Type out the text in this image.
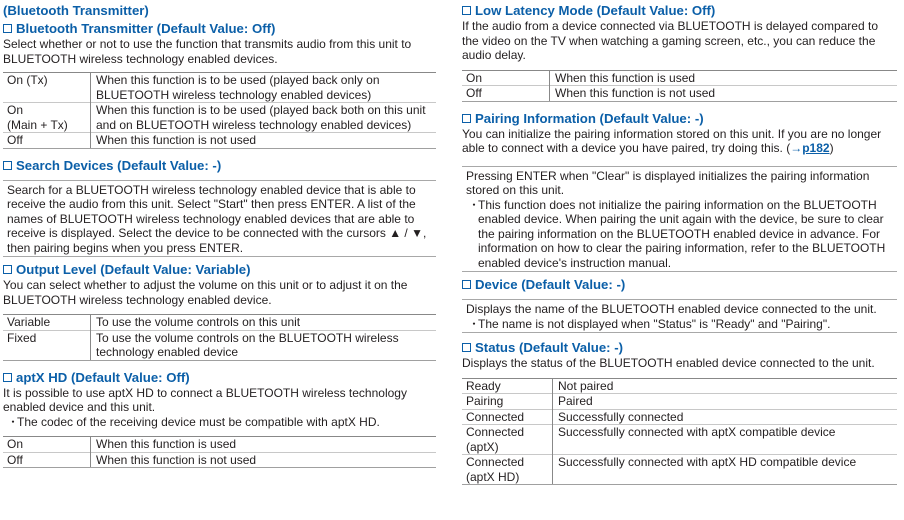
(Bluetooth Transmitter)
Bluetooth Transmitter (Default Value: Off)

Select whether or not to use the function that transmits audio from this unit to BLUETOOTH wireless technology enabled devices.

On (Tx)	When this function is to be used (played back only on BLUETOOTH wireless technology enabled devices)
On
(Main + Tx)	When this function is to be used (played back both on this unit and on BLUETOOTH wireless technology enabled devices)
Off	When this function is not used
Search Devices (Default Value: -)
Search for a BLUETOOTH wireless technology enabled device that is able to receive the audio from this unit. Select "Start" then press ENTER. A list of the names of BLUETOOTH wireless technology enabled devices that are able to receive is displayed. Select the device to be connected with the cursors ▲ / ▼, then pairing begins when you press ENTER.
Output Level (Default Value: Variable)

You can select whether to adjust the volume on this unit or to adjust it on the BLUETOOTH wireless technology enabled device.

Variable	To use the volume controls on this unit
Fixed	To use the volume controls on the BLUETOOTH wireless technology enabled device
aptX HD (Default Value: Off)

It is possible to use aptX HD to connect a BLUETOOTH wireless technology enabled device and this unit.

・The codec of the receiving device must be compatible with aptX HD.
On	When this function is used
Off	When this function is not used
Low Latency Mode (Default Value: Off)

If the audio from a device connected via BLUETOOTH is delayed compared to the video on the TV when watching a gaming screen, etc., you can reduce the audio delay.

On	When this function is used
Off	When this function is not used
Pairing Information (Default Value: -)

You can initialize the pairing information stored on this unit. If you are no longer able to connect with a device you have paired, try doing this. (→p182)

Pressing ENTER when "Clear" is displayed initializes the pairing information stored on this unit.
・This function does not initialize the pairing information on the BLUETOOTH enabled device. When pairing the unit again with the device, be sure to clear the pairing information on the BLUETOOTH enabled device in advance. For information on how to clear the pairing information, refer to the BLUETOOTH enabled device's instruction manual.
Device (Default Value: -)
Displays the name of the BLUETOOTH enabled device connected to the unit.
・The name is not displayed when "Status" is "Ready" and "Pairing".
Status (Default Value: -)

Displays the status of the BLUETOOTH enabled device connected to the unit.

Ready	Not paired
Pairing	Paired
Connected	Successfully connected
Connected
(aptX)	Successfully connected with aptX compatible device
Connected
(aptX HD)	Successfully connected with aptX HD compatible device
